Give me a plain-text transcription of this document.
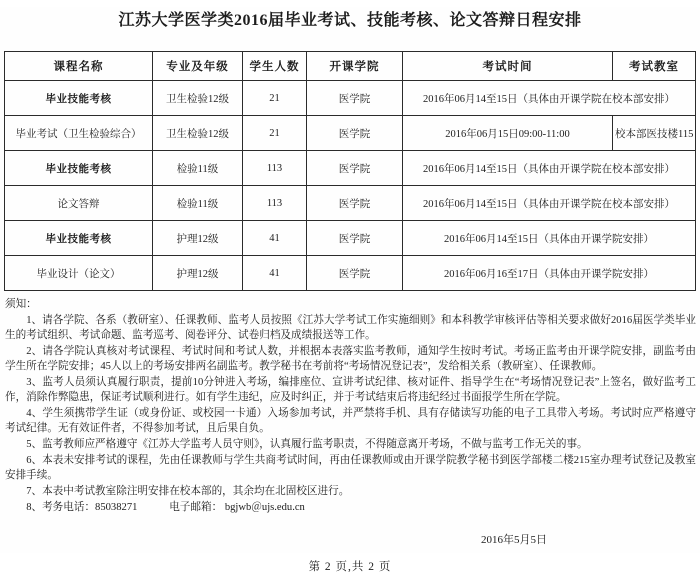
江苏大学医学类2016届毕业考试、技能考核、论文答辩日程安排
课程名称	专业及年级	学生人数	开课学院	考试时间	考试教室
毕业技能考核	卫生检验12级	21	医学院	2016年06月14至15日（具体由开课学院在校本部安排）	
毕业考试（卫生检验综合）	卫生检验12级	21	医学院	2016年06月15日09:00-11:00	校本部医技楼115
毕业技能考核	检验11级	113	医学院	2016年06月14至15日（具体由开课学院在校本部安排）	
论文答辩	检验11级	113	医学院	2016年06月14至15日（具体由开课学院在校本部安排）	
毕业技能考核	护理12级	41	医学院	2016年06月14至15日（具体由开课学院安排）	
毕业设计（论文）	护理12级	41	医学院	2016年06月16至17日（具体由开课学院安排）	

须知：

1、请各学院、各系（教研室）、任课教师、监考人员按照《江苏大学考试工作实施细则》和本科教学审核评估等相关要求做好2016届医学类毕业生的考试组织、考试命题、监考巡考、阅卷评分、试卷归档及成绩报送等工作。

2、请各学院认真核对考试课程、考试时间和考试人数，并根据本表落实监考教师，通知学生按时考试。考场正监考由开课学院安排，副监考由学生所在学院安排；45人以上的考场安排两名副监考。教学秘书在考前将“考场情况登记表”，发给相关系（教研室）、任课教师。

3、监考人员须认真履行职责，提前10分钟进入考场，编排座位、宣讲考试纪律、核对证件、指导学生在“考场情况登记表”上签名，做好监考工作，消除作弊隐患，保证考试顺利进行。如有学生违纪，应及时纠正，并于考试结束后将违纪经过书面报学生所在学院。

4、学生须携带学生证（或身份证、或校园一卡通）入场参加考试，并严禁将手机、具有存储读写功能的电子工具带入考场。考试时应严格遵守考试纪律。无有效证件者，不得参加考试，且后果自负。

5、监考教师应严格遵守《江苏大学监考人员守则》，认真履行监考职责，不得随意离开考场，不做与监考工作无关的事。

6、本表未安排考试的课程，先由任课教师与学生共商考试时间，再由任课教师或由开课学院教学秘书到医学部楼二楼215室办理考试登记及教室安排手续。

7、本表中考试教室除注明安排在校本部的，其余均在北固校区进行。

8、考务电话：85038271　　　电子邮箱： bgjwb＠ujs.edu.cn

2016年5月5日
第 2 页,共 2 页
